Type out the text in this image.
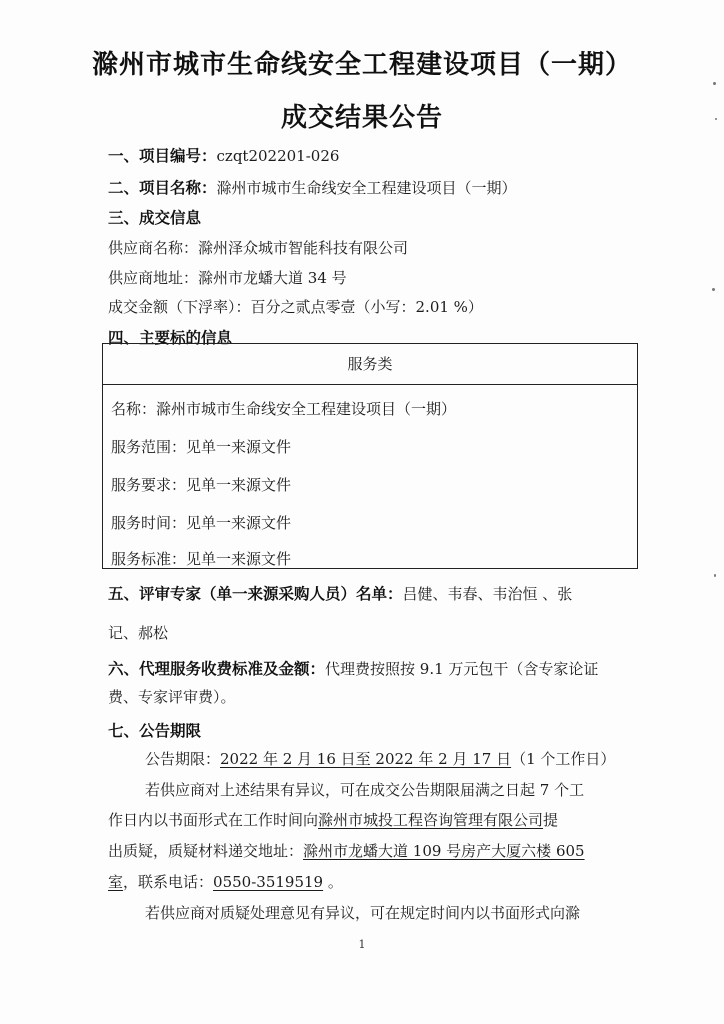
滁州市城市生命线安全工程建设项目（一期）
成交结果公告
一、项目编号：czqt202201-026
二、项目名称：滁州市城市生命线安全工程建设项目（一期）
三、成交信息
供应商名称：滁州泽众城市智能科技有限公司
供应商地址：滁州市龙蟠大道 34 号
成交金额（下浮率）：百分之贰点零壹（小写：2.01 %）
四、主要标的信息
服务类
名称：滁州市城市生命线安全工程建设项目（一期）
服务范围：见单一来源文件
服务要求：见单一来源文件
服务时间：见单一来源文件
服务标准：见单一来源文件
五、评审专家（单一来源采购人员）名单：吕健、韦春、韦治恒 、张
记、郝松
六、代理服务收费标准及金额：代理费按照按 9.1 万元包干（含专家论证
费、专家评审费）。
七、公告期限
公告期限：2022 年 2 月 16 日至 2022 年 2 月 17 日（1 个工作日）
若供应商对上述结果有异议，可在成交公告期限届满之日起 7 个工
作日内以书面形式在工作时间向滁州市城投工程咨询管理有限公司提
出质疑，质疑材料递交地址：滁州市龙蟠大道 109 号房产大厦六楼 605
室，联系电话：0550-3519519 。
若供应商对质疑处理意见有异议，可在规定时间内以书面形式向滁
1
